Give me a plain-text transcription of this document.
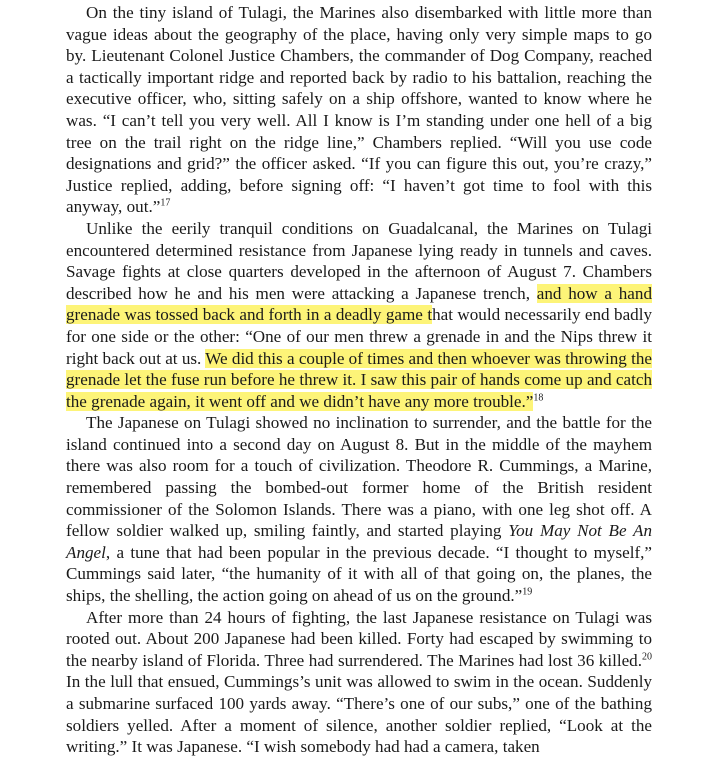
On the tiny island of Tulagi, the Marines also disembarked with little more than vague ideas about the geography of the place, having only very simple maps to go by. Lieutenant Colonel Justice Chambers, the commander of Dog Company, reached a tactically important ridge and reported back by radio to his battalion, reaching the executive officer, who, sitting safely on a ship offshore, wanted to know where he was. “I can’t tell you very well. All I know is I’m standing under one hell of a big tree on the trail right on the ridge line,” Chambers replied. “Will you use code designations and grid?” the officer asked. “If you can figure this out, you’re crazy,” Justice replied, adding, before signing off: “I haven’t got time to fool with this anyway, out.”$^{17}$

Unlike the eerily tranquil conditions on Guadalcanal, the Marines on Tulagi encountered determined resistance from Japanese lying ready in tunnels and caves. Savage fights at close quarters developed in the afternoon of August 7. Chambers described how he and his men were attacking a Japanese trench, and how a hand grenade was tossed back and forth in a deadly game that would necessarily end badly for one side or the other: “One of our men threw a grenade in and the Nips threw it right back out at us. We did this a couple of times and then whoever was throwing the grenade let the fuse run before he threw it. I saw this pair of hands come up and catch the grenade again, it went off and we didn’t have any more trouble.”$^{18}$

The Japanese on Tulagi showed no inclination to surrender, and the battle for the island continued into a second day on August 8. But in the middle of the mayhem there was also room for a touch of civilization. Theodore R. Cummings, a Marine, remembered passing the bombed-out former home of the British resident commissioner of the Solomon Islands. There was a piano, with one leg shot off. A fellow soldier walked up, smiling faintly, and started playing You May Not Be An Angel, a tune that had been popular in the previous decade. “I thought to myself,” Cummings said later, “the humanity of it with all of that going on, the planes, the ships, the shelling, the action going on ahead of us on the ground.”$^{19}$

After more than 24 hours of fighting, the last Japanese resistance on Tulagi was rooted out. About 200 Japanese had been killed. Forty had escaped by swimming to the nearby island of Florida. Three had surrendered. The Marines had lost 36 killed.$^{20}$ In the lull that ensued, Cummings’s unit was allowed to swim in the ocean. Suddenly a submarine surfaced 100 yards away. “There’s one of our subs,” one of the bathing soldiers yelled. After a moment of silence, another soldier replied, “Look at the writing.” It was Japanese. “I wish somebody had had a camera, taken
